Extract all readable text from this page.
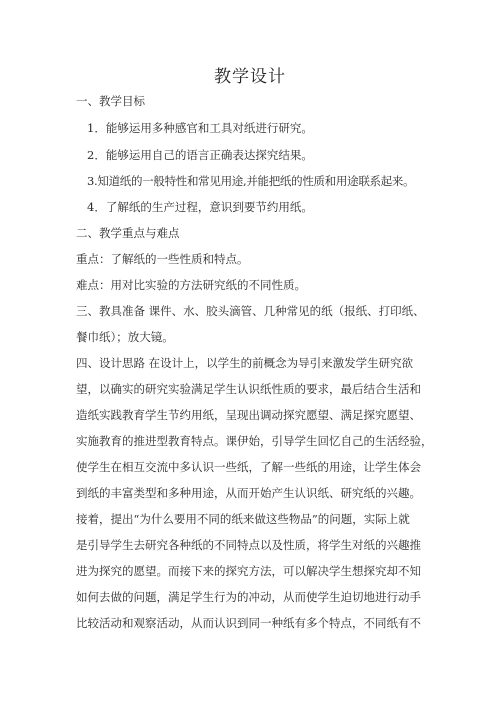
教学设计
一、教学目标
1．能够运用多种感官和工具对纸进行研究。
2．能够运用自己的语言正确表达探究结果。
3.知道纸的一般特性和常见用途,并能把纸的性质和用途联系起来。
4．了解纸的生产过程，意识到要节约用纸。
二、教学重点与难点
重点：了解纸的一些性质和特点。
难点：用对比实验的方法研究纸的不同性质。
三、教具准备 课件、水、胶头滴管、几种常见的纸（报纸、打印纸、
餐巾纸）；放大镜。
四、设计思路 在设计上，以学生的前概念为导引来激发学生研究欲
望，以确实的研究实验满足学生认识纸性质的要求，最后结合生活和
造纸实践教育学生节约用纸，呈现出调动探究愿望、满足探究愿望、
实施教育的推进型教育特点。课伊始，引导学生回忆自己的生活经验，
使学生在相互交流中多认识一些纸，了解一些纸的用途，让学生体会
到纸的丰富类型和多种用途，从而开始产生认识纸、研究纸的兴趣。
接着，提出“为什么要用不同的纸来做这些物品”的问题，实际上就
是引导学生去研究各种纸的不同特点以及性质，将学生对纸的兴趣推
进为探究的愿望。而接下来的探究方法，可以解决学生想探究却不知
如何去做的问题，满足学生行为的冲动，从而使学生迫切地进行动手
比较活动和观察活动，从而认识到同一种纸有多个特点，不同纸有不
